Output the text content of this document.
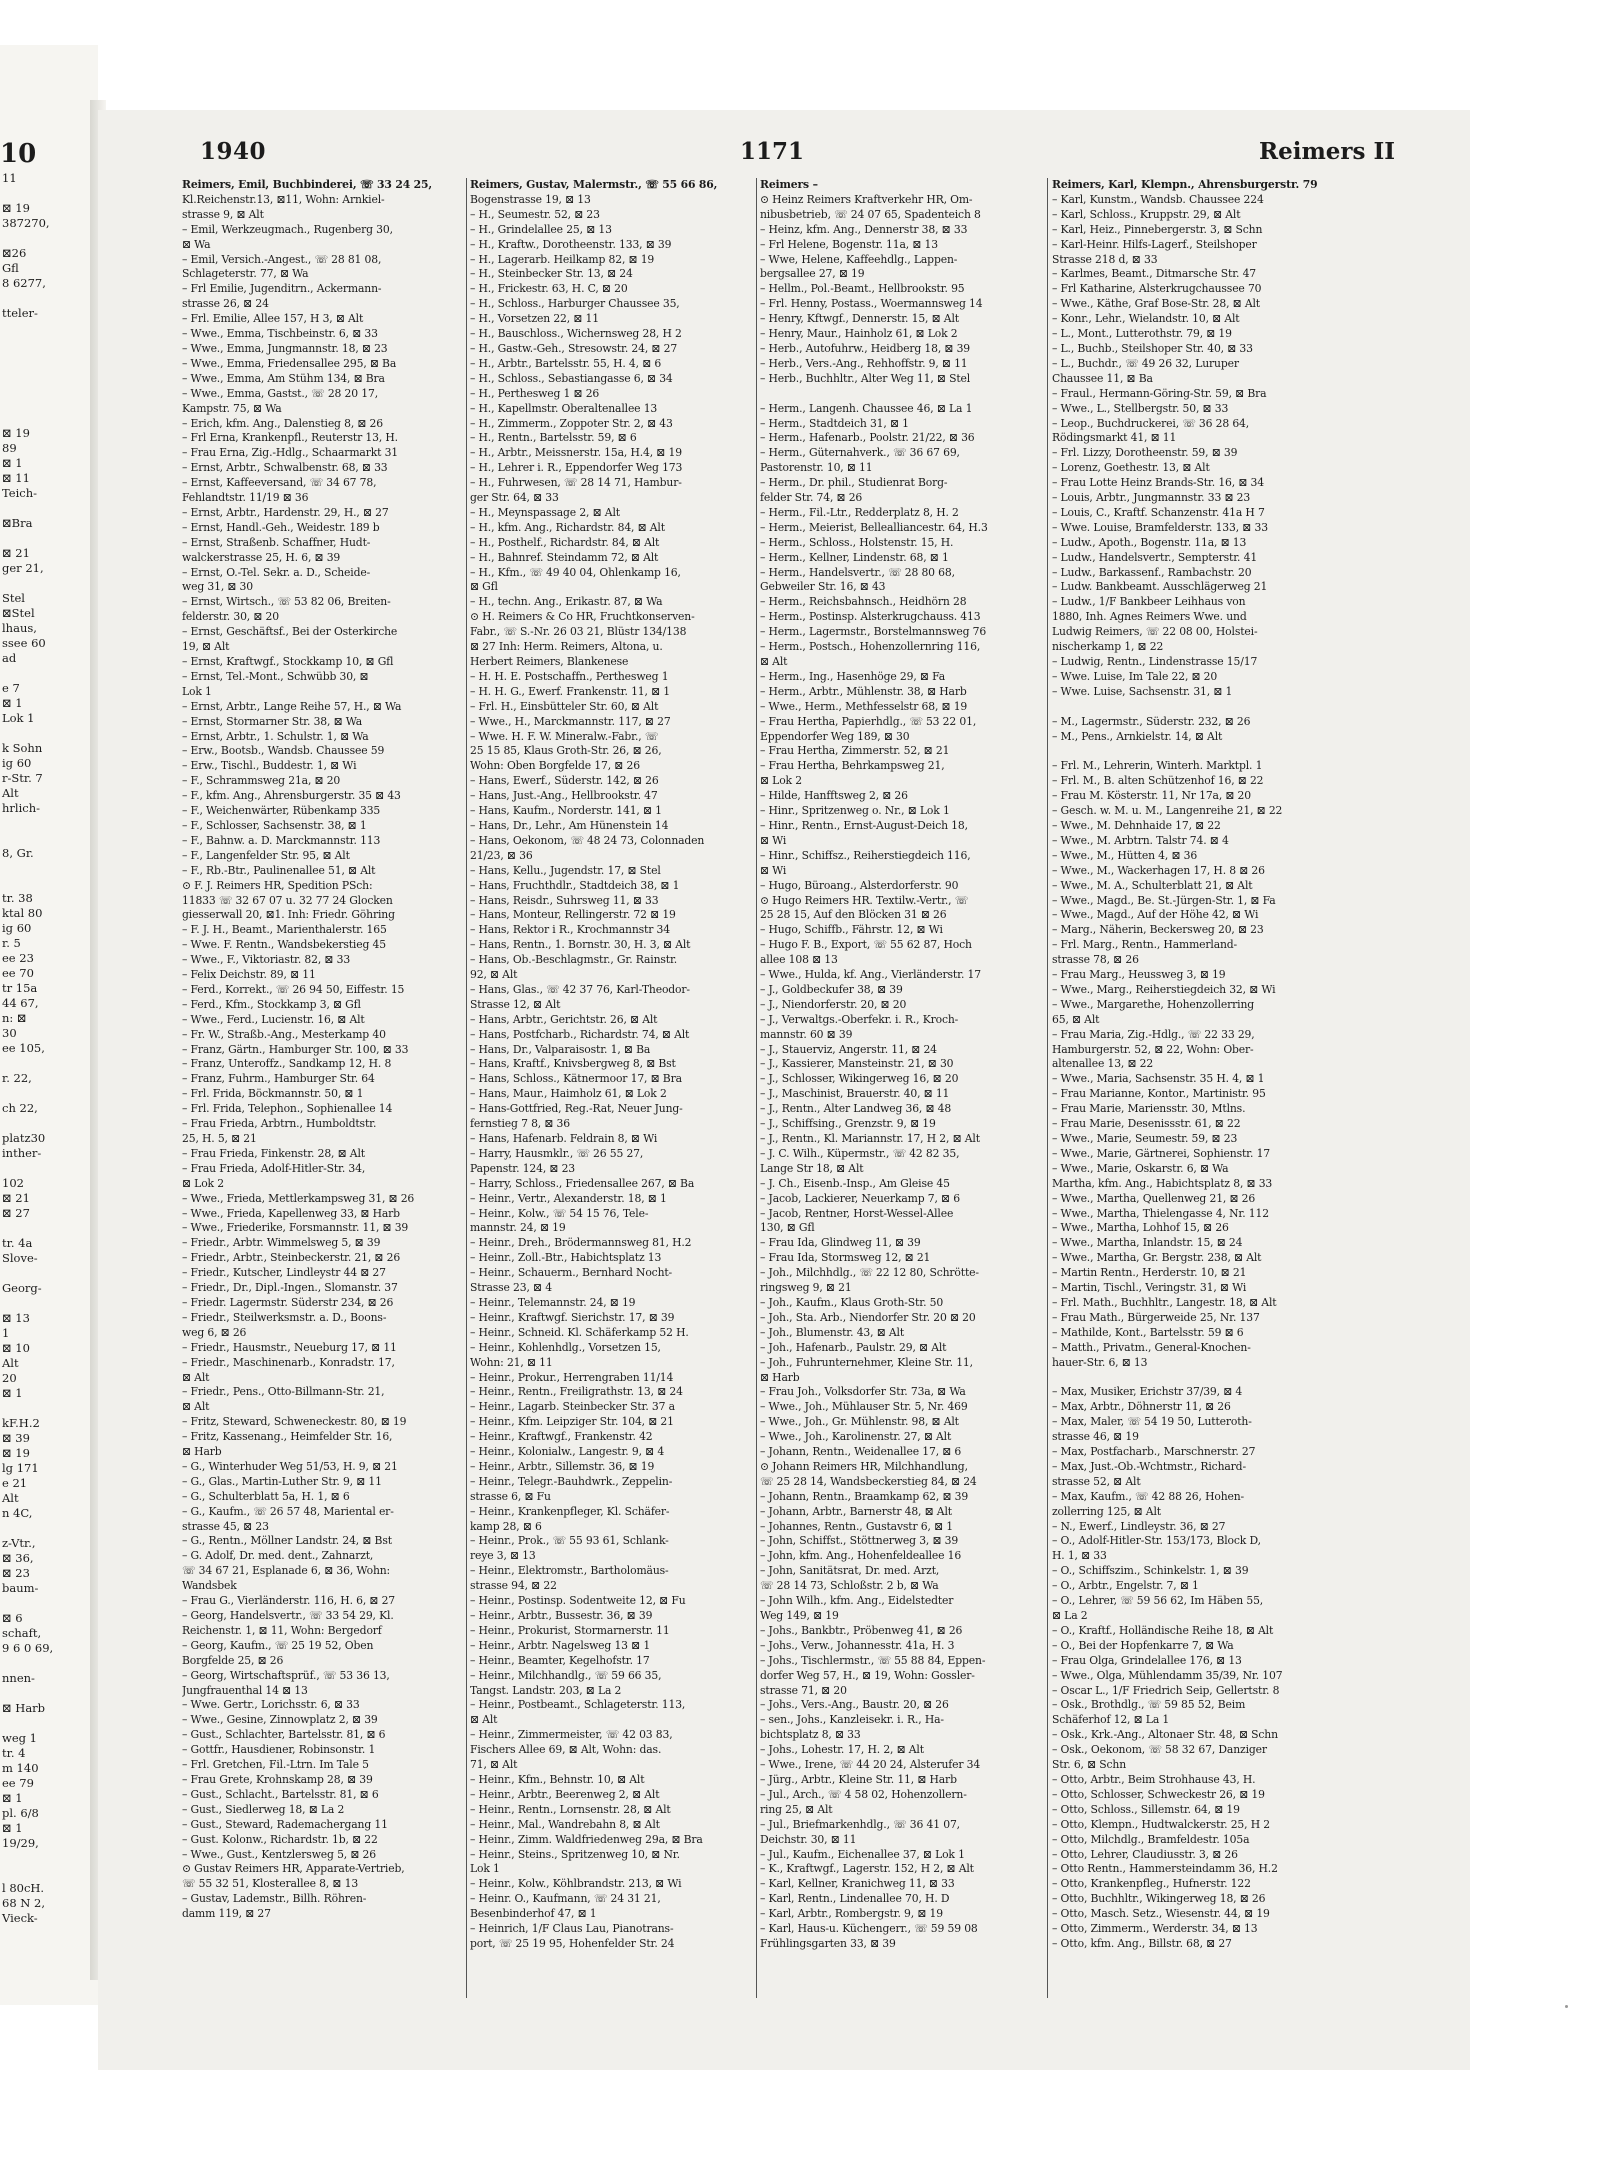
10
11

⊠ 19
387270,

⊠26
Gfl
8 6277,

tteler-

⊠ 19
89
⊠ 1
⊠ 11
Teich-

⊠Bra

⊠ 21
ger 21,

Stel
⊠Stel
lhaus,
ssee 60
ad

e 7
⊠ 1
Lok 1

k Sohn
ig 60
r-Str. 7
Alt
hrlich-

8, Gr.

tr. 38
ktal 80
ig 60
r. 5
ee 23
ee 70
tr 15a
44 67,
n: ⊠
30
ee 105,

r. 22,

ch 22,

platz30
inther-

102
⊠ 21
⊠ 27

tr. 4a
Slove-

Georg-

⊠ 13
1
⊠ 10
Alt
20
⊠ 1

kF.H.2
⊠ 39
⊠ 19
lg 171
e 21
Alt
n 4C,

z-Vtr.,
⊠ 36,
⊠ 23
baum-

⊠ 6
schaft,
9 6 0 69,

nnen-

⊠ Harb

weg 1
tr. 4
m 140
ee 79
⊠ 1
pl. 6/8
⊠ 1
19/29,

l 80cH.
68 N 2,
Vieck-
1940	1171	Reimers II
Reimers, Emil, Buchbinderei, ☏ 33 24 25,
Kl.Reichenstr.13, ⊠11, Wohn: Arnkiel-
strasse 9, ⊠ Alt
– Emil, Werkzeugmach., Rugenberg 30,
⊠ Wa
– Emil, Versich.-Angest., ☏ 28 81 08,
Schlageterstr. 77, ⊠ Wa
– Frl Emilie, Jugenditrn., Ackermann-
strasse 26, ⊠ 24
– Frl. Emilie, Allee 157, H 3, ⊠ Alt
– Wwe., Emma, Tischbeinstr. 6, ⊠ 33
– Wwe., Emma, Jungmannstr. 18, ⊠ 23
– Wwe., Emma, Friedensallee 295, ⊠ Ba
– Wwe., Emma, Am Stühm 134, ⊠ Bra
– Wwe., Emma, Gastst., ☏ 28 20 17,
Kampstr. 75, ⊠ Wa
– Erich, kfm. Ang., Dalenstieg 8, ⊠ 26
– Frl Erna, Krankenpfl., Reuterstr 13, H.
– Frau Erna, Zig.-Hdlg., Schaarmarkt 31
– Ernst, Arbtr., Schwalbenstr. 68, ⊠ 33
– Ernst, Kaffeeversand, ☏ 34 67 78,
Fehlandtstr. 11/19 ⊠ 36
– Ernst, Arbtr., Hardenstr. 29, H., ⊠ 27
– Ernst, Handl.-Geh., Weidestr. 189 b
– Ernst, Straßenb. Schaffner, Hudt-
walckerstrasse 25, H. 6, ⊠ 39
– Ernst, O.-Tel. Sekr. a. D., Scheide-
weg 31, ⊠ 30
– Ernst, Wirtsch., ☏ 53 82 06, Breiten-
felderstr. 30, ⊠ 20
– Ernst, Geschäftsf., Bei der Osterkirche
19, ⊠ Alt
– Ernst, Kraftwgf., Stockkamp 10, ⊠ Gfl
– Ernst, Tel.-Mont., Schwübb 30, ⊠
Lok 1
– Ernst, Arbtr., Lange Reihe 57, H., ⊠ Wa
– Ernst, Stormarner Str. 38, ⊠ Wa
– Ernst, Arbtr., 1. Schulstr. 1, ⊠ Wa
– Erw., Bootsb., Wandsb. Chaussee 59
– Erw., Tischl., Buddestr. 1, ⊠ Wi
– F., Schrammsweg 21a, ⊠ 20
– F., kfm. Ang., Ahrensburgerstr. 35 ⊠ 43
– F., Weichenwärter, Rübenkamp 335
– F., Schlosser, Sachsenstr. 38, ⊠ 1
– F., Bahnw. a. D. Marckmannstr. 113
– F., Langenfelder Str. 95, ⊠ Alt
– F., Rb.-Btr., Paulinenallee 51, ⊠ Alt
⊙ F. J. Reimers HR, Spedition PSch:
11833 ☏ 32 67 07 u. 32 77 24 Glocken
giesserwall 20, ⊠1. Inh: Friedr. Göhring
– F. J. H., Beamt., Marienthalerstr. 165
– Wwe. F. Rentn., Wandsbekerstieg 45
– Wwe., F., Viktoriastr. 82, ⊠ 33
– Felix Deichstr. 89, ⊠ 11
– Ferd., Korrekt., ☏ 26 94 50, Eiffestr. 15
– Ferd., Kfm., Stockkamp 3, ⊠ Gfl
– Wwe., Ferd., Lucienstr. 16, ⊠ Alt
– Fr. W., Straßb.-Ang., Mesterkamp 40
– Franz, Gärtn., Hamburger Str. 100, ⊠ 33
– Franz, Unteroffz., Sandkamp 12, H. 8
– Franz, Fuhrm., Hamburger Str. 64
– Frl. Frida, Böckmannstr. 50, ⊠ 1
– Frl. Frida, Telephon., Sophienallee 14
– Frau Frieda, Arbtrn., Humboldtstr.
25, H. 5, ⊠ 21
– Frau Frieda, Finkenstr. 28, ⊠ Alt
– Frau Frieda, Adolf-Hitler-Str. 34,
⊠ Lok 2
– Wwe., Frieda, Mettlerkampsweg 31, ⊠ 26
– Wwe., Frieda, Kapellenweg 33, ⊠ Harb
– Wwe., Friederike, Forsmannstr. 11, ⊠ 39
– Friedr., Arbtr. Wimmelsweg 5, ⊠ 39
– Friedr., Arbtr., Steinbeckerstr. 21, ⊠ 26
– Friedr., Kutscher, Lindleystr 44 ⊠ 27
– Friedr., Dr., Dipl.-Ingen., Slomanstr. 37
– Friedr. Lagermstr. Süderstr 234, ⊠ 26
– Friedr., Steilwerksmstr. a. D., Boons-
weg 6, ⊠ 26
– Friedr., Hausmstr., Neueburg 17, ⊠ 11
– Friedr., Maschinenarb., Konradstr. 17,
⊠ Alt
– Friedr., Pens., Otto-Billmann-Str. 21,
⊠ Alt
– Fritz, Steward, Schweneckestr. 80, ⊠ 19
– Fritz, Kassenang., Heimfelder Str. 16,
⊠ Harb
– G., Winterhuder Weg 51/53, H. 9, ⊠ 21
– G., Glas., Martin-Luther Str. 9, ⊠ 11
– G., Schulterblatt 5a, H. 1, ⊠ 6
– G., Kaufm., ☏ 26 57 48, Mariental er-
strasse 45, ⊠ 23
– G., Rentn., Möllner Landstr. 24, ⊠ Bst
– G. Adolf, Dr. med. dent., Zahnarzt,
☏ 34 67 21, Esplanade 6, ⊠ 36, Wohn:
Wandsbek
– Frau G., Vierländerstr. 116, H. 6, ⊠ 27
– Georg, Handelsvertr., ☏ 33 54 29, Kl.
Reichenstr. 1, ⊠ 11, Wohn: Bergedorf
– Georg, Kaufm., ☏ 25 19 52, Oben
Borgfelde 25, ⊠ 26
– Georg, Wirtschaftsprüf., ☏ 53 36 13,
Jungfrauenthal 14 ⊠ 13
– Wwe. Gertr., Lorichsstr. 6, ⊠ 33
– Wwe., Gesine, Zinnowplatz 2, ⊠ 39
– Gust., Schlachter, Bartelsstr. 81, ⊠ 6
– Gottfr., Hausdiener, Robinsonstr. 1
– Frl. Gretchen, Fil.-Ltrn. Im Tale 5
– Frau Grete, Krohnskamp 28, ⊠ 39
– Gust., Schlacht., Bartelsstr. 81, ⊠ 6
– Gust., Siedlerweg 18, ⊠ La 2
– Gust., Steward, Rademachergang 11
– Gust. Kolonw., Richardstr. 1b, ⊠ 22
– Wwe., Gust., Kentzlersweg 5, ⊠ 26
⊙ Gustav Reimers HR, Apparate-Vertrieb,
☏ 55 32 51, Klosterallee 8, ⊠ 13
– Gustav, Lademstr., Billh. Röhren-
damm 119, ⊠ 27
Reimers, Gustav, Malermstr., ☏ 55 66 86,
Bogenstrasse 19, ⊠ 13
– H., Seumestr. 52, ⊠ 23
– H., Grindelallee 25, ⊠ 13
– H., Kraftw., Dorotheenstr. 133, ⊠ 39
– H., Lagerarb. Heilkamp 82, ⊠ 19
– H., Steinbecker Str. 13, ⊠ 24
– H., Frickestr. 63, H. C, ⊠ 20
– H., Schloss., Harburger Chaussee 35,
– H., Vorsetzen 22, ⊠ 11
– H., Bauschloss., Wichernsweg 28, H 2
– H., Gastw.-Geh., Stresowstr. 24, ⊠ 27
– H., Arbtr., Bartelsstr. 55, H. 4, ⊠ 6
– H., Schloss., Sebastiangasse 6, ⊠ 34
– H., Perthesweg 1 ⊠ 26
– H., Kapellmstr. Oberaltenallee 13
– H., Zimmerm., Zoppoter Str. 2, ⊠ 43
– H., Rentn., Bartelsstr. 59, ⊠ 6
– H., Arbtr., Meissnerstr. 15a, H.4, ⊠ 19
– H., Lehrer i. R., Eppendorfer Weg 173
– H., Fuhrwesen, ☏ 28 14 71, Hambur-
ger Str. 64, ⊠ 33
– H., Meynspassage 2, ⊠ Alt
– H., kfm. Ang., Richardstr. 84, ⊠ Alt
– H., Posthelf., Richardstr. 84, ⊠ Alt
– H., Bahnref. Steindamm 72, ⊠ Alt
– H., Kfm., ☏ 49 40 04, Ohlenkamp 16,
⊠ Gfl
– H., techn. Ang., Erikastr. 87, ⊠ Wa
⊙ H. Reimers & Co HR, Fruchtkonserven-
Fabr., ☏ S.-Nr. 26 03 21, Blüstr 134/138
⊠ 27 Inh: Herm. Reimers, Altona, u.
Herbert Reimers, Blankenese
– H. H. E. Postschaffn., Perthesweg 1
– H. H. G., Ewerf. Frankenstr. 11, ⊠ 1
– Frl. H., Einsbütteler Str. 60, ⊠ Alt
– Wwe., H., Marckmannstr. 117, ⊠ 27
– Wwe. H. F. W. Mineralw.-Fabr., ☏
25 15 85, Klaus Groth-Str. 26, ⊠ 26,
Wohn: Oben Borgfelde 17, ⊠ 26
– Hans, Ewerf., Süderstr. 142, ⊠ 26
– Hans, Just.-Ang., Hellbrookstr. 47
– Hans, Kaufm., Norderstr. 141, ⊠ 1
– Hans, Dr., Lehr., Am Hünenstein 14
– Hans, Oekonom, ☏ 48 24 73, Colonnaden
21/23, ⊠ 36
– Hans, Kellu., Jugendstr. 17, ⊠ Stel
– Hans, Fruchthdlr., Stadtdeich 38, ⊠ 1
– Hans, Reisdr., Suhrsweg 11, ⊠ 33
– Hans, Monteur, Rellingerstr. 72 ⊠ 19
– Hans, Rektor i R., Krochmannstr 34
– Hans, Rentn., 1. Bornstr. 30, H. 3, ⊠ Alt
– Hans, Ob.-Beschlagmstr., Gr. Rainstr.
92, ⊠ Alt
– Hans, Glas., ☏ 42 37 76, Karl-Theodor-
Strasse 12, ⊠ Alt
– Hans, Arbtr., Gerichtstr. 26, ⊠ Alt
– Hans, Postfcharb., Richardstr. 74, ⊠ Alt
– Hans, Dr., Valparaisostr. 1, ⊠ Ba
– Hans, Kraftf., Knivsbergweg 8, ⊠ Bst
– Hans, Schloss., Kätnermoor 17, ⊠ Bra
– Hans, Maur., Haimholz 61, ⊠ Lok 2
– Hans-Gottfried, Reg.-Rat, Neuer Jung-
fernstieg 7 8, ⊠ 36
– Hans, Hafenarb. Feldrain 8, ⊠ Wi
– Harry, Hausmklr., ☏ 26 55 27,
Papenstr. 124, ⊠ 23
– Harry, Schloss., Friedensallee 267, ⊠ Ba
– Heinr., Vertr., Alexanderstr. 18, ⊠ 1
– Heinr., Kolw., ☏ 54 15 76, Tele-
mannstr. 24, ⊠ 19
– Heinr., Dreh., Brödermannsweg 81, H.2
– Heinr., Zoll.-Btr., Habichtsplatz 13
– Heinr., Schauerm., Bernhard Nocht-
Strasse 23, ⊠ 4
– Heinr., Telemannstr. 24, ⊠ 19
– Heinr., Kraftwgf. Sierichstr. 17, ⊠ 39
– Heinr., Schneid. Kl. Schäferkamp 52 H.
– Heinr., Kohlenhdlg., Vorsetzen 15,
Wohn: 21, ⊠ 11
– Heinr., Prokur., Herrengraben 11/14
– Heinr., Rentn., Freiligrathstr. 13, ⊠ 24
– Heinr., Lagarb. Steinbecker Str. 37 a
– Heinr., Kfm. Leipziger Str. 104, ⊠ 21
– Heinr., Kraftwgf., Frankenstr. 42
– Heinr., Kolonialw., Langestr. 9, ⊠ 4
– Heinr., Arbtr., Sillemstr. 36, ⊠ 19
– Heinr., Telegr.-Bauhdwrk., Zeppelin-
strasse 6, ⊠ Fu
– Heinr., Krankenpfleger, Kl. Schäfer-
kamp 28, ⊠ 6
– Heinr., Prok., ☏ 55 93 61, Schlank-
reye 3, ⊠ 13
– Heinr., Elektromstr., Bartholomäus-
strasse 94, ⊠ 22
– Heinr., Postinsp. Sodentweite 12, ⊠ Fu
– Heinr., Arbtr., Bussestr. 36, ⊠ 39
– Heinr., Prokurist, Stormarnerstr. 11
– Heinr., Arbtr. Nagelsweg 13 ⊠ 1
– Heinr., Beamter, Kegelhofstr. 17
– Heinr., Milchhandlg., ☏ 59 66 35,
Tangst. Landstr. 203, ⊠ La 2
– Heinr., Postbeamt., Schlageterstr. 113,
⊠ Alt
– Heinr., Zimmermeister, ☏ 42 03 83,
Fischers Allee 69, ⊠ Alt, Wohn: das.
71, ⊠ Alt
– Heinr., Kfm., Behnstr. 10, ⊠ Alt
– Heinr., Arbtr., Beerenweg 2, ⊠ Alt
– Heinr., Rentn., Lornsenstr. 28, ⊠ Alt
– Heinr., Mal., Wandrebahn 8, ⊠ Alt
– Heinr., Zimm. Waldfriedenweg 29a, ⊠ Bra
– Heinr., Steins., Spritzenweg 10, ⊠ Nr.
Lok 1
– Heinr., Kolw., Köhlbrandstr. 213, ⊠ Wi
– Heinr. O., Kaufmann, ☏ 24 31 21,
Besenbinderhof 47, ⊠ 1
– Heinrich, 1/F Claus Lau, Pianotrans-
port, ☏ 25 19 95, Hohenfelder Str. 24
Reimers –
⊙ Heinz Reimers Kraftverkehr HR, Om-
nibusbetrieb, ☏ 24 07 65, Spadenteich 8
– Heinz, kfm. Ang., Dennerstr 38, ⊠ 33
– Frl Helene, Bogenstr. 11a, ⊠ 13
– Wwe, Helene, Kaffeehdlg., Lappen-
bergsallee 27, ⊠ 19
– Hellm., Pol.-Beamt., Hellbrookstr. 95
– Frl. Henny, Postass., Woermannsweg 14
– Henry, Kftwgf., Dennerstr. 15, ⊠ Alt
– Henry, Maur., Hainholz 61, ⊠ Lok 2
– Herb., Autofuhrw., Heidberg 18, ⊠ 39
– Herb., Vers.-Ang., Rehhoffstr. 9, ⊠ 11
– Herb., Buchhltr., Alter Weg 11, ⊠ Stel

– Herm., Langenh. Chaussee 46, ⊠ La 1
– Herm., Stadtdeich 31, ⊠ 1
– Herm., Hafenarb., Poolstr. 21/22, ⊠ 36
– Herm., Güternahverk., ☏ 36 67 69,
Pastorenstr. 10, ⊠ 11
– Herm., Dr. phil., Studienrat Borg-
felder Str. 74, ⊠ 26
– Herm., Fil.-Ltr., Redderplatz 8, H. 2
– Herm., Meierist, Bellealliancestr. 64, H.3
– Herm., Schloss., Holstenstr. 15, H.
– Herm., Kellner, Lindenstr. 68, ⊠ 1
– Herm., Handelsvertr., ☏ 28 80 68,
Gebweiler Str. 16, ⊠ 43
– Herm., Reichsbahnsch., Heidhörn 28
– Herm., Postinsp. Alsterkrugchauss. 413
– Herm., Lagermstr., Borstelmannsweg 76
– Herm., Postsch., Hohenzollernring 116,
⊠ Alt
– Herm., Ing., Hasenhöge 29, ⊠ Fa
– Herm., Arbtr., Mühlenstr. 38, ⊠ Harb
– Wwe., Herm., Methfesselstr 68, ⊠ 19
– Frau Hertha, Papierhdlg., ☏ 53 22 01,
Eppendorfer Weg 189, ⊠ 30
– Frau Hertha, Zimmerstr. 52, ⊠ 21
– Frau Hertha, Behrkampsweg 21,
⊠ Lok 2
– Hilde, Hanfftsweg 2, ⊠ 26
– Hinr., Spritzenweg o. Nr., ⊠ Lok 1
– Hinr., Rentn., Ernst-August-Deich 18,
⊠ Wi
– Hinr., Schiffsz., Reiherstiegdeich 116,
⊠ Wi
– Hugo, Büroang., Alsterdorferstr. 90
⊙ Hugo Reimers HR. Textilw.-Vertr., ☏
25 28 15, Auf den Blöcken 31 ⊠ 26
– Hugo, Schiffb., Fährstr. 12, ⊠ Wi
– Hugo F. B., Export, ☏ 55 62 87, Hoch
allee 108 ⊠ 13
– Wwe., Hulda, kf. Ang., Vierländerstr. 17
– J., Goldbeckufer 38, ⊠ 39
– J., Niendorferstr. 20, ⊠ 20
– J., Verwaltgs.-Oberfekr. i. R., Kroch-
mannstr. 60 ⊠ 39
– J., Stauerviz, Angerstr. 11, ⊠ 24
– J., Kassierer, Mansteinstr. 21, ⊠ 30
– J., Schlosser, Wikingerweg 16, ⊠ 20
– J., Maschinist, Brauerstr. 40, ⊠ 11
– J., Rentn., Alter Landweg 36, ⊠ 48
– J., Schiffsing., Grenzstr. 9, ⊠ 19
– J., Rentn., Kl. Mariannstr. 17, H 2, ⊠ Alt
– J. C. Wilh., Küpermstr., ☏ 42 82 35,
Lange Str 18, ⊠ Alt
– J. Ch., Eisenb.-Insp., Am Gleise 45
– Jacob, Lackierer, Neuerkamp 7, ⊠ 6
– Jacob, Rentner, Horst-Wessel-Allee
130, ⊠ Gfl
– Frau Ida, Glindweg 11, ⊠ 39
– Frau Ida, Stormsweg 12, ⊠ 21
– Joh., Milchhdlg., ☏ 22 12 80, Schrötte-
ringsweg 9, ⊠ 21
– Joh., Kaufm., Klaus Groth-Str. 50
– Joh., Sta. Arb., Niendorfer Str. 20 ⊠ 20
– Joh., Blumenstr. 43, ⊠ Alt
– Joh., Hafenarb., Paulstr. 29, ⊠ Alt
– Joh., Fuhrunternehmer, Kleine Str. 11,
⊠ Harb
– Frau Joh., Volksdorfer Str. 73a, ⊠ Wa
– Wwe., Joh., Mühlauser Str. 5, Nr. 469
– Wwe., Joh., Gr. Mühlenstr. 98, ⊠ Alt
– Wwe., Joh., Karolinenstr. 27, ⊠ Alt
– Johann, Rentn., Weidenallee 17, ⊠ 6
⊙ Johann Reimers HR, Milchhandlung,
☏ 25 28 14, Wandsbeckerstieg 84, ⊠ 24
– Johann, Rentn., Braamkamp 62, ⊠ 39
– Johann, Arbtr., Barnerstr 48, ⊠ Alt
– Johannes, Rentn., Gustavstr 6, ⊠ 1
– John, Schiffst., Stöttnerweg 3, ⊠ 39
– John, kfm. Ang., Hohenfeldeallee 16
– John, Sanitätsrat, Dr. med. Arzt,
☏ 28 14 73, Schloßstr. 2 b, ⊠ Wa
– John Wilh., kfm. Ang., Eidelstedter
Weg 149, ⊠ 19
– Johs., Bankbtr., Pröbenweg 41, ⊠ 26
– Johs., Verw., Johannesstr. 41a, H. 3
– Johs., Tischlermstr., ☏ 55 88 84, Eppen-
dorfer Weg 57, H., ⊠ 19, Wohn: Gossler-
strasse 71, ⊠ 20
– Johs., Vers.-Ang., Baustr. 20, ⊠ 26
– sen., Johs., Kanzleisekr. i. R., Ha-
bichtsplatz 8, ⊠ 33
– Johs., Lohestr. 17, H. 2, ⊠ Alt
– Wwe., Irene, ☏ 44 20 24, Alsterufer 34
– Jürg., Arbtr., Kleine Str. 11, ⊠ Harb
– Jul., Arch., ☏ 4 58 02, Hohenzollern-
ring 25, ⊠ Alt
– Jul., Briefmarkenhdlg., ☏ 36 41 07,
Deichstr. 30, ⊠ 11
– Jul., Kaufm., Eichenallee 37, ⊠ Lok 1
– K., Kraftwgf., Lagerstr. 152, H 2, ⊠ Alt
– Karl, Kellner, Kranichweg 11, ⊠ 33
– Karl, Rentn., Lindenallee 70, H. D
– Karl, Arbtr., Rombergstr. 9, ⊠ 19
– Karl, Haus-u. Küchengerr., ☏ 59 59 08
Frühlingsgarten 33, ⊠ 39
Reimers, Karl, Klempn., Ahrensburgerstr. 79
– Karl, Kunstm., Wandsb. Chaussee 224
– Karl, Schloss., Kruppstr. 29, ⊠ Alt
– Karl, Heiz., Pinnebergerstr. 3, ⊠ Schn
– Karl-Heinr. Hilfs-Lagerf., Steilshoper
Strasse 218 d, ⊠ 33
– Karlmes, Beamt., Ditmarsche Str. 47
– Frl Katharine, Alsterkrugchaussee 70
– Wwe., Käthe, Graf Bose-Str. 28, ⊠ Alt
– Konr., Lehr., Wielandstr. 10, ⊠ Alt
– L., Mont., Lutterothstr. 79, ⊠ 19
– L., Buchb., Steilshoper Str. 40, ⊠ 33
– L., Buchdr., ☏ 49 26 32, Luruper
Chaussee 11, ⊠ Ba
– Fraul., Hermann-Göring-Str. 59, ⊠ Bra
– Wwe., L., Stellbergstr. 50, ⊠ 33
– Leop., Buchdruckerei, ☏ 36 28 64,
Rödingsmarkt 41, ⊠ 11
– Frl. Lizzy, Dorotheenstr. 59, ⊠ 39
– Lorenz, Goethestr. 13, ⊠ Alt
– Frau Lotte Heinz Brands-Str. 16, ⊠ 34
– Louis, Arbtr., Jungmannstr. 33 ⊠ 23
– Louis, C., Kraftf. Schanzenstr. 41a H 7
– Wwe. Louise, Bramfelderstr. 133, ⊠ 33
– Ludw., Apoth., Bogenstr. 11a, ⊠ 13
– Ludw., Handelsvertr., Sempterstr. 41
– Ludw., Barkassenf., Rambachstr. 20
– Ludw. Bankbeamt. Ausschlägerweg 21
– Ludw., 1/F Bankbeer Leihhaus von
1880, Inh. Agnes Reimers Wwe. und
Ludwig Reimers, ☏ 22 08 00, Holstei-
nischerkamp 1, ⊠ 22
– Ludwig, Rentn., Lindenstrasse 15/17
– Wwe. Luise, Im Tale 22, ⊠ 20
– Wwe. Luise, Sachsenstr. 31, ⊠ 1

– M., Lagermstr., Süderstr. 232, ⊠ 26
– M., Pens., Arnkielstr. 14, ⊠ Alt

– Frl. M., Lehrerin, Winterh. Marktpl. 1
– Frl. M., B. alten Schützenhof 16, ⊠ 22
– Frau M. Kösterstr. 11, Nr 17a, ⊠ 20
– Gesch. w. M. u. M., Langenreihe 21, ⊠ 22
– Wwe., M. Dehnhaide 17, ⊠ 22
– Wwe., M. Arbtrn. Talstr 74. ⊠ 4
– Wwe., M., Hütten 4, ⊠ 36
– Wwe., M., Wackerhagen 17, H. 8 ⊠ 26
– Wwe., M. A., Schulterblatt 21, ⊠ Alt
– Wwe., Magd., Be. St.-Jürgen-Str. 1, ⊠ Fa
– Wwe., Magd., Auf der Höhe 42, ⊠ Wi
– Marg., Näherin, Beckersweg 20, ⊠ 23
– Frl. Marg., Rentn., Hammerland-
strasse 78, ⊠ 26
– Frau Marg., Heussweg 3, ⊠ 19
– Wwe., Marg., Reiherstiegdeich 32, ⊠ Wi
– Wwe., Margarethe, Hohenzollerring
65, ⊠ Alt
– Frau Maria, Zig.-Hdlg., ☏ 22 33 29,
Hamburgerstr. 52, ⊠ 22, Wohn: Ober-
altenallee 13, ⊠ 22
– Wwe., Maria, Sachsenstr. 35 H. 4, ⊠ 1
– Frau Marianne, Kontor., Martinistr. 95
– Frau Marie, Mariensstr. 30, Mtlns.
– Frau Marie, Desenissstr. 61, ⊠ 22
– Wwe., Marie, Seumestr. 59, ⊠ 23
– Wwe., Marie, Gärtnerei, Sophienstr. 17
– Wwe., Marie, Oskarstr. 6, ⊠ Wa
Martha, kfm. Ang., Habichtsplatz 8, ⊠ 33
– Wwe., Martha, Quellenweg 21, ⊠ 26
– Wwe., Martha, Thielengasse 4, Nr. 112
– Wwe., Martha, Lohhof 15, ⊠ 26
– Wwe., Martha, Inlandstr. 15, ⊠ 24
– Wwe., Martha, Gr. Bergstr. 238, ⊠ Alt
– Martin Rentn., Herderstr. 10, ⊠ 21
– Martin, Tischl., Veringstr. 31, ⊠ Wi
– Frl. Math., Buchhltr., Langestr. 18, ⊠ Alt
– Frau Math., Bürgerweide 25, Nr. 137
– Mathilde, Kont., Bartelsstr. 59 ⊠ 6
– Matth., Privatm., General-Knochen-
hauer-Str. 6, ⊠ 13

– Max, Musiker, Erichstr 37/39, ⊠ 4
– Max, Arbtr., Döhnerstr 11, ⊠ 26
– Max, Maler, ☏ 54 19 50, Lutteroth-
strasse 46, ⊠ 19
– Max, Postfacharb., Marschnerstr. 27
– Max, Just.-Ob.-Wchtmstr., Richard-
strasse 52, ⊠ Alt
– Max, Kaufm., ☏ 42 88 26, Hohen-
zollerring 125, ⊠ Alt
– N., Ewerf., Lindleystr. 36, ⊠ 27
– O., Adolf-Hitler-Str. 153/173, Block D,
H. 1, ⊠ 33
– O., Schiffszim., Schinkelstr. 1, ⊠ 39
– O., Arbtr., Engelstr. 7, ⊠ 1
– O., Lehrer, ☏ 59 56 62, Im Häben 55,
⊠ La 2
– O., Kraftf., Holländische Reihe 18, ⊠ Alt
– O., Bei der Hopfenkarre 7, ⊠ Wa
– Frau Olga, Grindelallee 176, ⊠ 13
– Wwe., Olga, Mühlendamm 35/39, Nr. 107
– Oscar L., 1/F Friedrich Seip, Gellertstr. 8
– Osk., Brothdlg., ☏ 59 85 52, Beim
Schäferhof 12, ⊠ La 1
– Osk., Krk.-Ang., Altonaer Str. 48, ⊠ Schn
– Osk., Oekonom, ☏ 58 32 67, Danziger
Str. 6, ⊠ Schn
– Otto, Arbtr., Beim Strohhause 43, H.
– Otto, Schlosser, Schweckestr 26, ⊠ 19
– Otto, Schloss., Sillemstr. 64, ⊠ 19
– Otto, Klempn., Hudtwalckerstr. 25, H 2
– Otto, Milchdlg., Bramfeldestr. 105a
– Otto, Lehrer, Claudiusstr. 3, ⊠ 26
– Otto Rentn., Hammersteindamm 36, H.2
– Otto, Krankenpfleg., Hufnerstr. 122
– Otto, Buchhltr., Wikingerweg 18, ⊠ 26
– Otto, Masch. Setz., Wiesenstr. 44, ⊠ 19
– Otto, Zimmerm., Werderstr. 34, ⊠ 13
– Otto, kfm. Ang., Billstr. 68, ⊠ 27
